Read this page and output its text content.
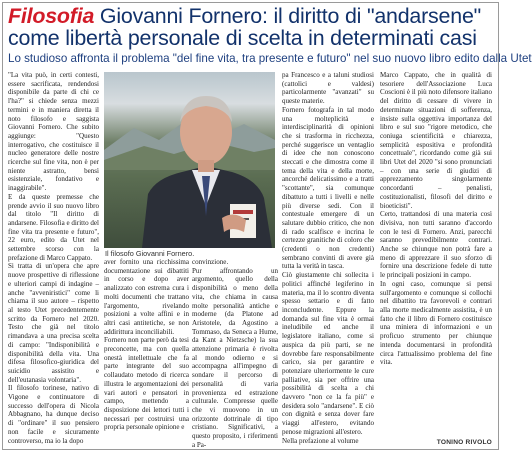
Filosofia Giovanni Fornero: il diritto di "andarsene" come libertà personale di scelta in determinati casi
Lo studioso affronta il problema "del fine vita, tra presente e futuro" nel suo nuovo libro edito dalla Utet

"La vita può, in certi contesti, essere sacrificata, rendendosi disponibile da parte di chi ce l'ha?" si chiede senza mezzi termini e in maniera diretta il noto filosofo e saggista Giovanni Fornero. Che subito aggiunge: "Questo interrogativo, che costituisce il nucleo generatore delle nostre ricerche sul fine vita, non è per niente astratto, bensì esistenziale, fondativo e inaggirabile".

E da queste premesse che prende avvio il suo nuovo libro dal titolo "Il diritto di andarsene. Filosofia e diritto del fine vita tra presente e futuro", 22 euro, edito da Utet nel settembre scorso con la prefazione di Marco Cappato.

Si tratta di un'opera che apre nuove prospettive di riflessione e ulteriori campi di indagine – anche "avveniristici" come li chiama il suo autore – rispetto al testo Utet precedentemente scritto da Fornero nel 2020. Testo che già nel titolo rimandava a una precisa scelta di campo: "Indisponibilità e disponibilità della vita. Una difesa filosofico-giuridica del suicidio assistito e dell'eutanasia volontaria".

Il filosofo torinese, nativo di Vigone e continuatore di successo dell'opera di Nicola Abbagnano, ha dunque deciso di "ordinare" il suo pensiero non facile e sicuramente controverso, ma io la dopo

Il filosofo Giovanni Fornero.

aver fornito una ricchissima documentazione sui dibattiti in corso e dopo aver analizzato con estrema cura i molti documenti che trattano l'argomento, rivelando posizioni a volte affini e in altri casi antitetiche, se non addirittura inconciliabili.

Fornero non parte però da tesi preconcette, ma con quella onestà intellettuale che fa parte integrante del suo collaudato metodo di ricerca illustra le argomentazioni dei vari autori e pensatori in campo, mettendo a disposizione dei lettori tutti i necessari per costruirsi una propria personale opinione e

convinzione.

Pur affrontando un argomento, quello della disponibilità o meno della vita, che chiama in causa molte personalità antiche e moderne (da Platone ad Aristotele, da Agostino a Tommaso, da Seneca a Hume, da Kant a Nietzsche) la sua attenzione primaria è rivolta al mondo odierno e si accompagna all'impegno di sondare il percorso di personalità di varia provenienza ed estrazione culturale. Compresse quelle che vi muovono in un orizzonte dottrinale di tipo cristiano. Significativi, a questo proposito, i riferimenti a Pa-

pa Francesco e a taluni studiosi (cattolici e valdesi) particolarmente "avanzati" su queste materie.

Fornero fotografa in tal modo una molteplicità e interdisciplinarità di opinioni che si trasforma in ricchezza, perché suggerisce un ventaglio di idee che non conoscono steccati e che dimostra come il tema della vita e della morte, ancorché delicatissimo e a tratti "scottante", sia comunque dibattuto a tutti i livelli e nelle più diverse sedi. Con il contestuale emergere di un salutare dubbio critico, che non di rado scalfisce e incrina le certezze granitiche di coloro che (credenti o non credenti) sembrano convinti di avere già tutta la verità in tasca.

Ciò giustamente chi sollecita i politici affinché legiferino in materia, ma il lo scontro diventa spesso settario e di fatto inconcludente. Eppure la domanda sul fine vita è ormai ineludibile ed anche il legislatore italiano, come si auspica da più parti, se ne dovrebbe fare responsabilmente carico, sia per garantire e potenziare ulteriormente le cure palliative, sia per offrire una possibilità di scelta a chi davvero "non ce la fa più" e desidera solo "andarsene". E ciò con dignità e senza dover fare viaggi all'estero, evitando penose migrazioni all'estero.

Nella prefazione al volume

Marco Cappato, che in qualità di tesoriere dell'Associazione Luca Coscioni è il più noto difensore italiano del diritto di cessare di vivere in determinate situazioni di sofferenza, insiste sulla oggettiva importanza del libro e sul suo "rigore metodico, che coniuga scientificità e chiarezza, semplicità espositiva e profondità concettuale", ricordando come già sui libri Utet del 2020 "si sono pronunciati – con una serie di giudizi di apprezzamento singolarmente concordanti – penalisti, costituzionalisti, filosofi del diritto e bioeticisti".

Certo, trattandosi di una materia così divisiva, non tutti saranno d'accordo con le tesi di Fornero. Anzi, parecchi saranno prevedibilmente contrari. Anche se chiunque non potrà fare a meno di apprezzare il suo sforzo di fornire una descrizione fedele di tutte le principali posizioni in campo.

In ogni caso, comunque si pensi sull'argomento e comunque si collochi nel dibattito tra favorevoli e contrari alla morte medicalmente assistita, è un fatto che il libro di Fornero costituisce una miniera di informazioni e un proficuo strumento per chiunque intenda documentarsi in profondità circa l'attualissimo problema del fine vita.

TONINO RIVOLO
